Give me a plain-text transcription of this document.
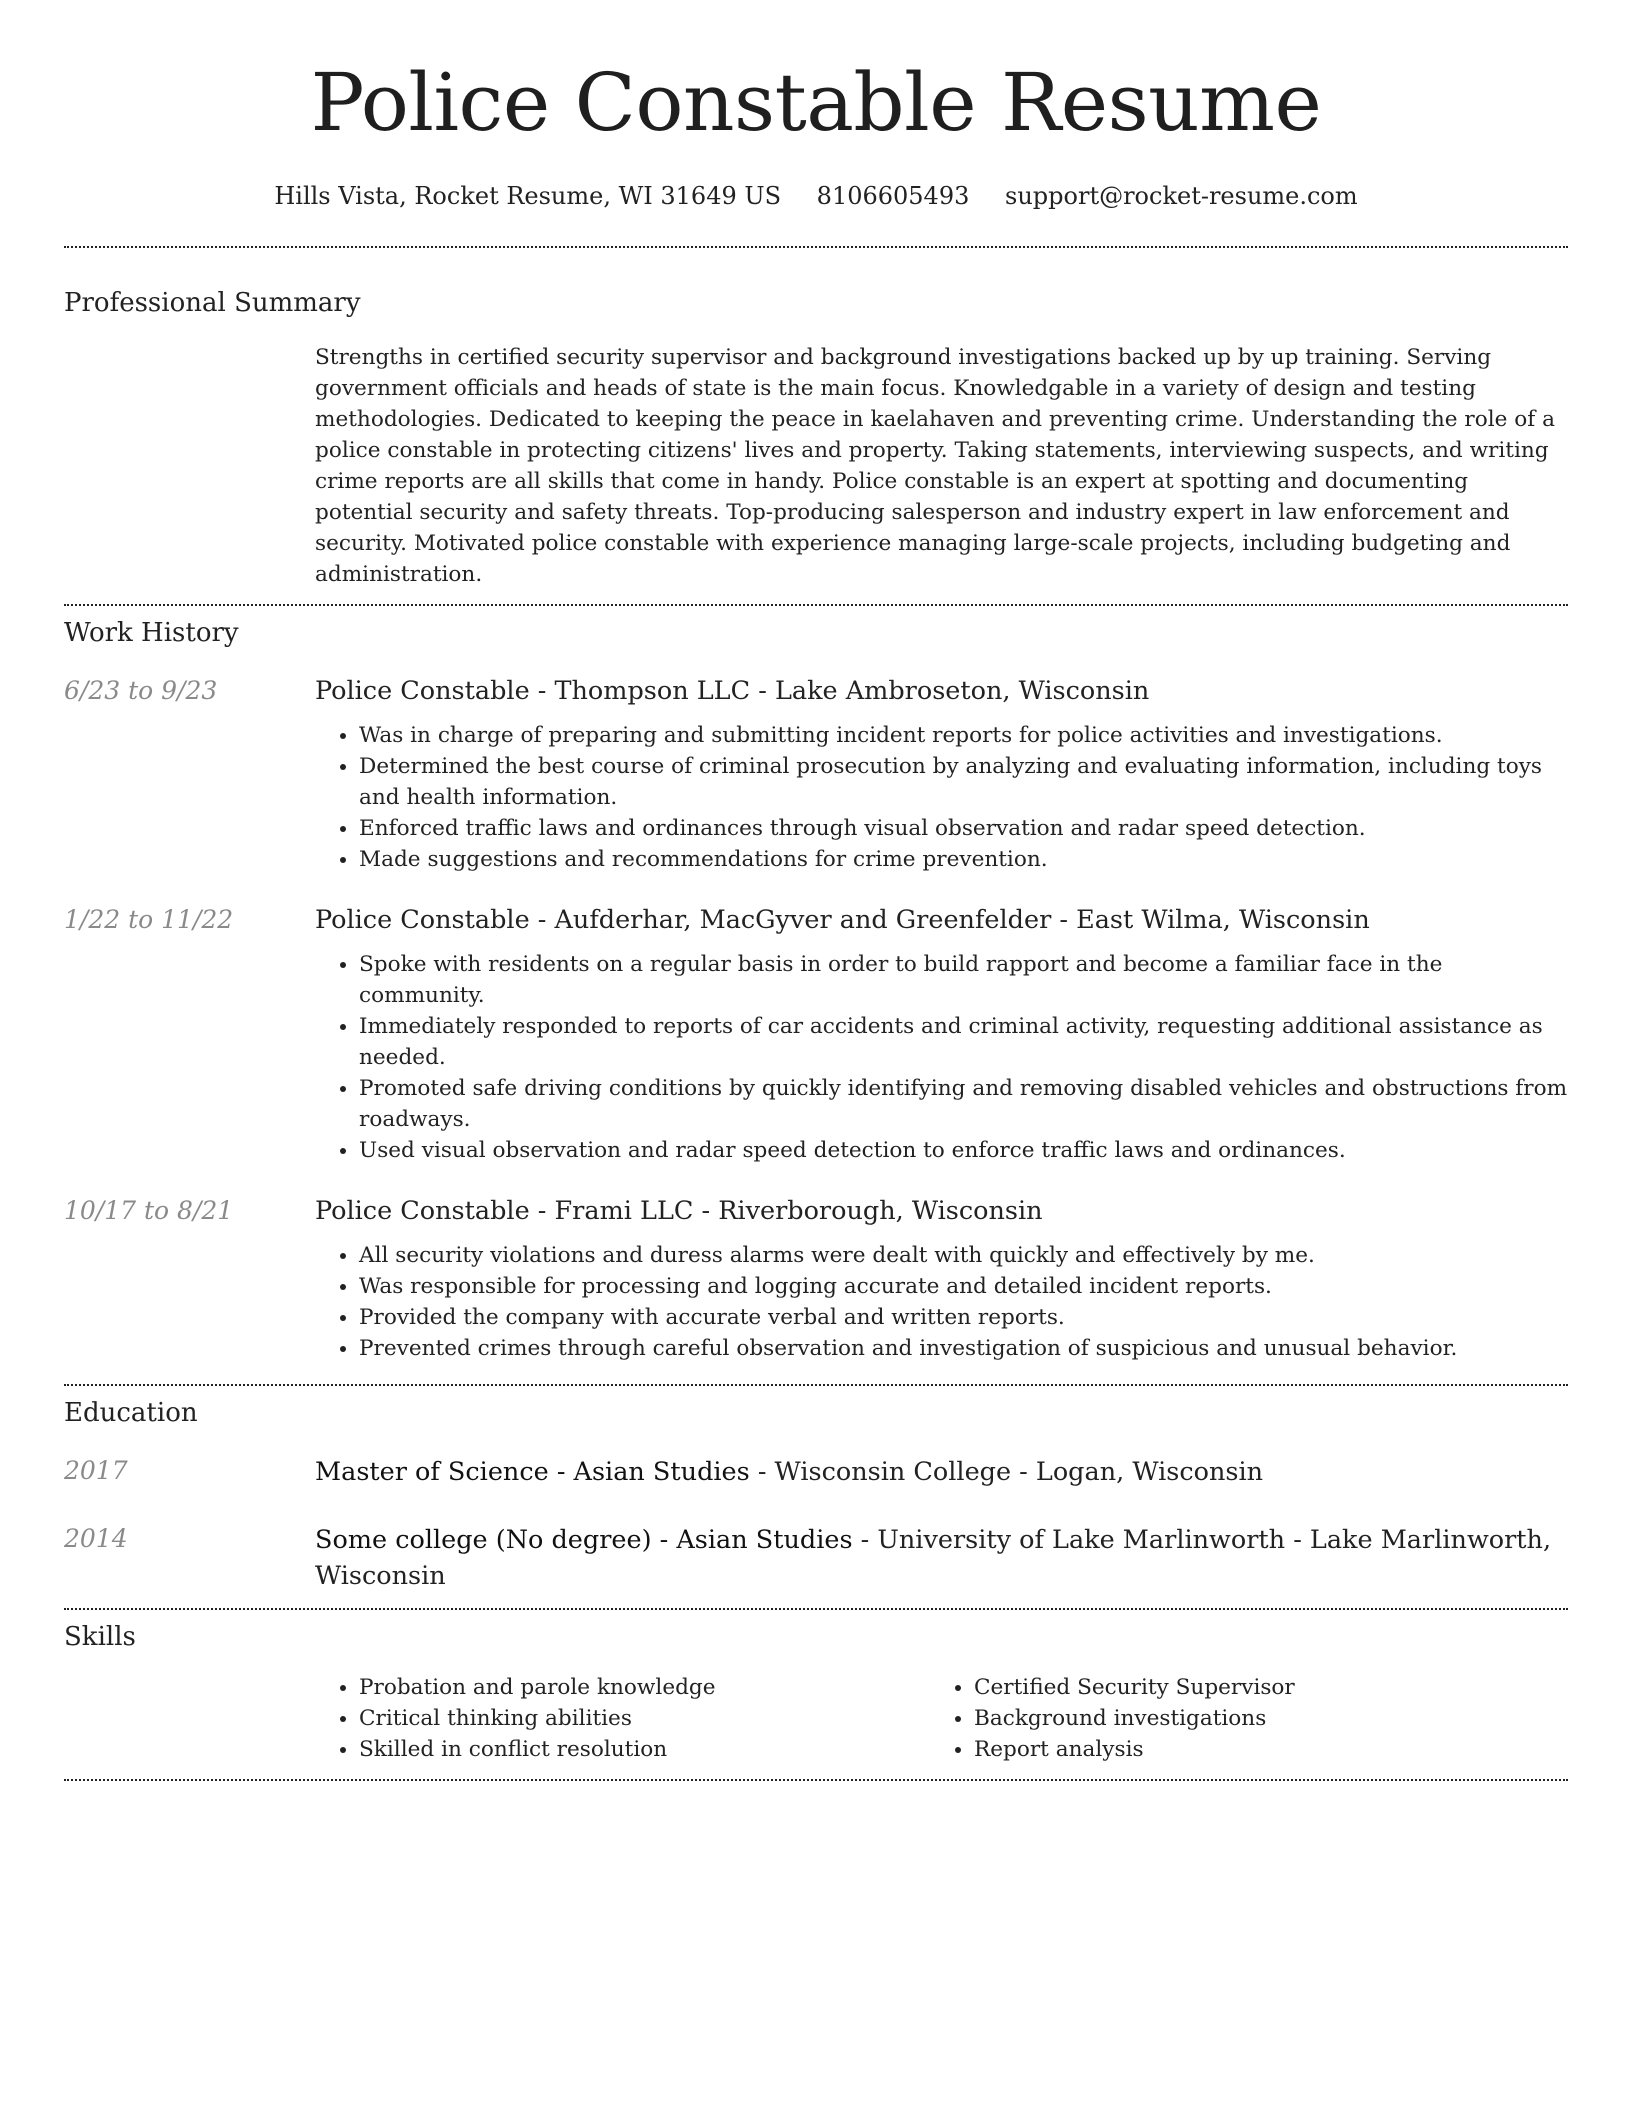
Police Constable Resume
Hills Vista, Rocket Resume, WI 31649 US 8106605493 support@rocket-resume.com
Professional Summary
Strengths in certified security supervisor and background investigations backed up by up training. Serving government officials and heads of state is the main focus. Knowledgable in a variety of design and testing methodologies. Dedicated to keeping the peace in kaelahaven and preventing crime. Understanding the role of a police constable in protecting citizens' lives and property. Taking statements, interviewing suspects, and writing crime reports are all skills that come in handy. Police constable is an expert at spotting and documenting potential security and safety threats. Top-producing salesperson and industry expert in law enforcement and security. Motivated police constable with experience managing large-scale projects, including budgeting and administration.
Work History
6/23 to 9/23	Police Constable - Thompson LLC - Lake Ambroseton, Wisconsin
• Was in charge of preparing and submitting incident reports for police activities and investigations.
• Determined the best course of criminal prosecution by analyzing and evaluating information, including toys and health information.
• Enforced traffic laws and ordinances through visual observation and radar speed detection.
• Made suggestions and recommendations for crime prevention.
1/22 to 11/22	Police Constable - Aufderhar, MacGyver and Greenfelder - East Wilma, Wisconsin
• Spoke with residents on a regular basis in order to build rapport and become a familiar face in the community.
• Immediately responded to reports of car accidents and criminal activity, requesting additional assistance as needed.
• Promoted safe driving conditions by quickly identifying and removing disabled vehicles and obstructions from roadways.
• Used visual observation and radar speed detection to enforce traffic laws and ordinances.
10/17 to 8/21	Police Constable - Frami LLC - Riverborough, Wisconsin
• All security violations and duress alarms were dealt with quickly and effectively by me.
• Was responsible for processing and logging accurate and detailed incident reports.
• Provided the company with accurate verbal and written reports.
• Prevented crimes through careful observation and investigation of suspicious and unusual behavior.
Education
2017	Master of Science - Asian Studies - Wisconsin College - Logan, Wisconsin
2014	Some college (No degree) - Asian Studies - University of Lake Marlinworth - Lake Marlinworth, Wisconsin
Skills
• Probation and parole knowledge
• Critical thinking abilities
• Skilled in conflict resolution
• Certified Security Supervisor
• Background investigations
• Report analysis
